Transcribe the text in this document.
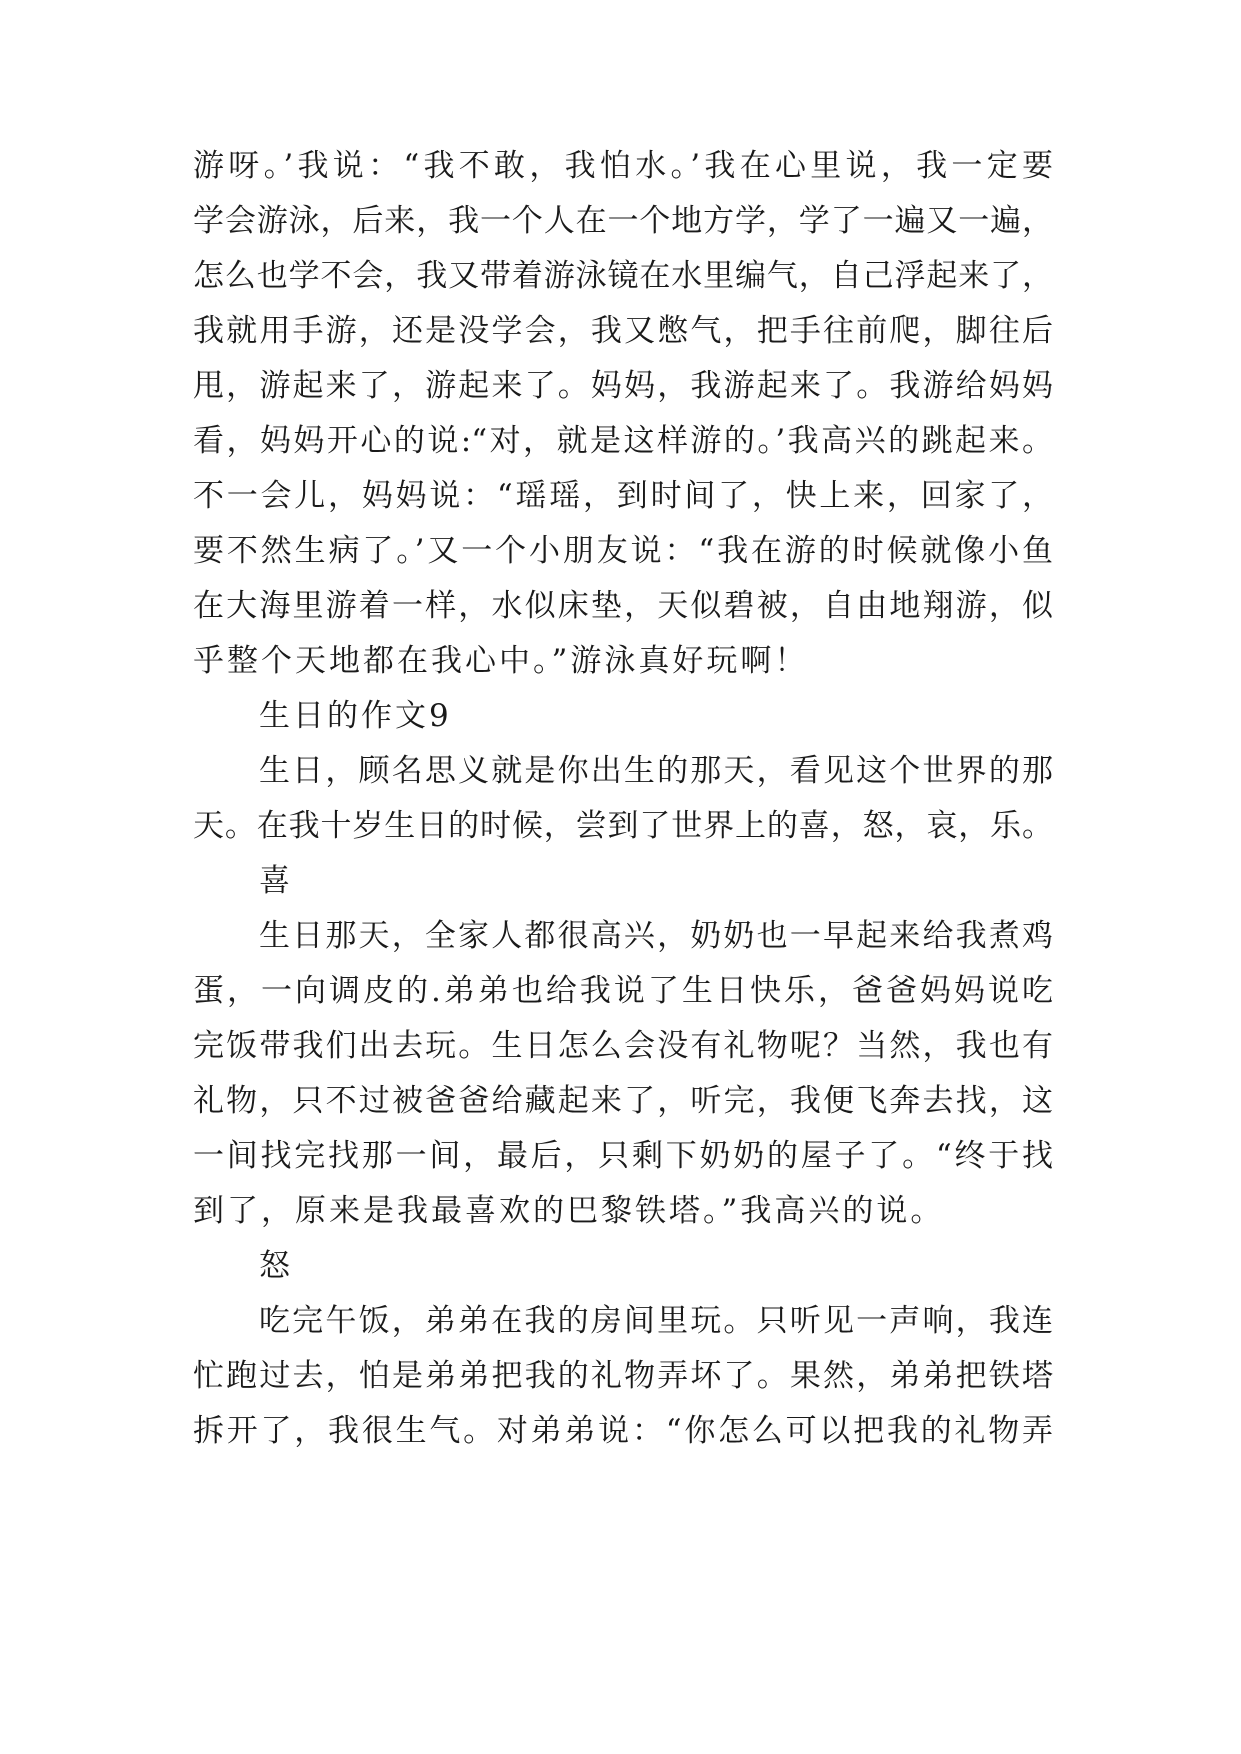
游呀。’我说：“我不敢，我怕水。’我在心里说，我一定要
学会游泳，后来，我一个人在一个地方学，学了一遍又一遍，
怎么也学不会，我又带着游泳镜在水里编气，自己浮起来了，
我就用手游，还是没学会，我又憋气，把手往前爬，脚往后
甩，游起来了，游起来了。妈妈，我游起来了。我游给妈妈
看，妈妈开心的说:“对，就是这样游的。’我高兴的跳起来。
不一会儿，妈妈说：“瑶瑶，到时间了，快上来，回家了，
要不然生病了。’又一个小朋友说：“我在游的时候就像小鱼
在大海里游着一样，水似床垫，天似碧被，自由地翔游，似
乎整个天地都在我心中。”游泳真好玩啊！
生日的作文9
生日，顾名思义就是你出生的那天，看见这个世界的那
天。在我十岁生日的时候，尝到了世界上的喜，怒，哀，乐。
喜
生日那天，全家人都很高兴，奶奶也一早起来给我煮鸡
蛋，一向调皮的.弟弟也给我说了生日快乐，爸爸妈妈说吃
完饭带我们出去玩。生日怎么会没有礼物呢？当然，我也有
礼物，只不过被爸爸给藏起来了，听完，我便飞奔去找，这
一间找完找那一间，最后，只剩下奶奶的屋子了。“终于找
到了，原来是我最喜欢的巴黎铁塔。”我高兴的说。
怒
吃完午饭，弟弟在我的房间里玩。只听见一声响，我连
忙跑过去，怕是弟弟把我的礼物弄坏了。果然，弟弟把铁塔
拆开了，我很生气。对弟弟说：“你怎么可以把我的礼物弄
